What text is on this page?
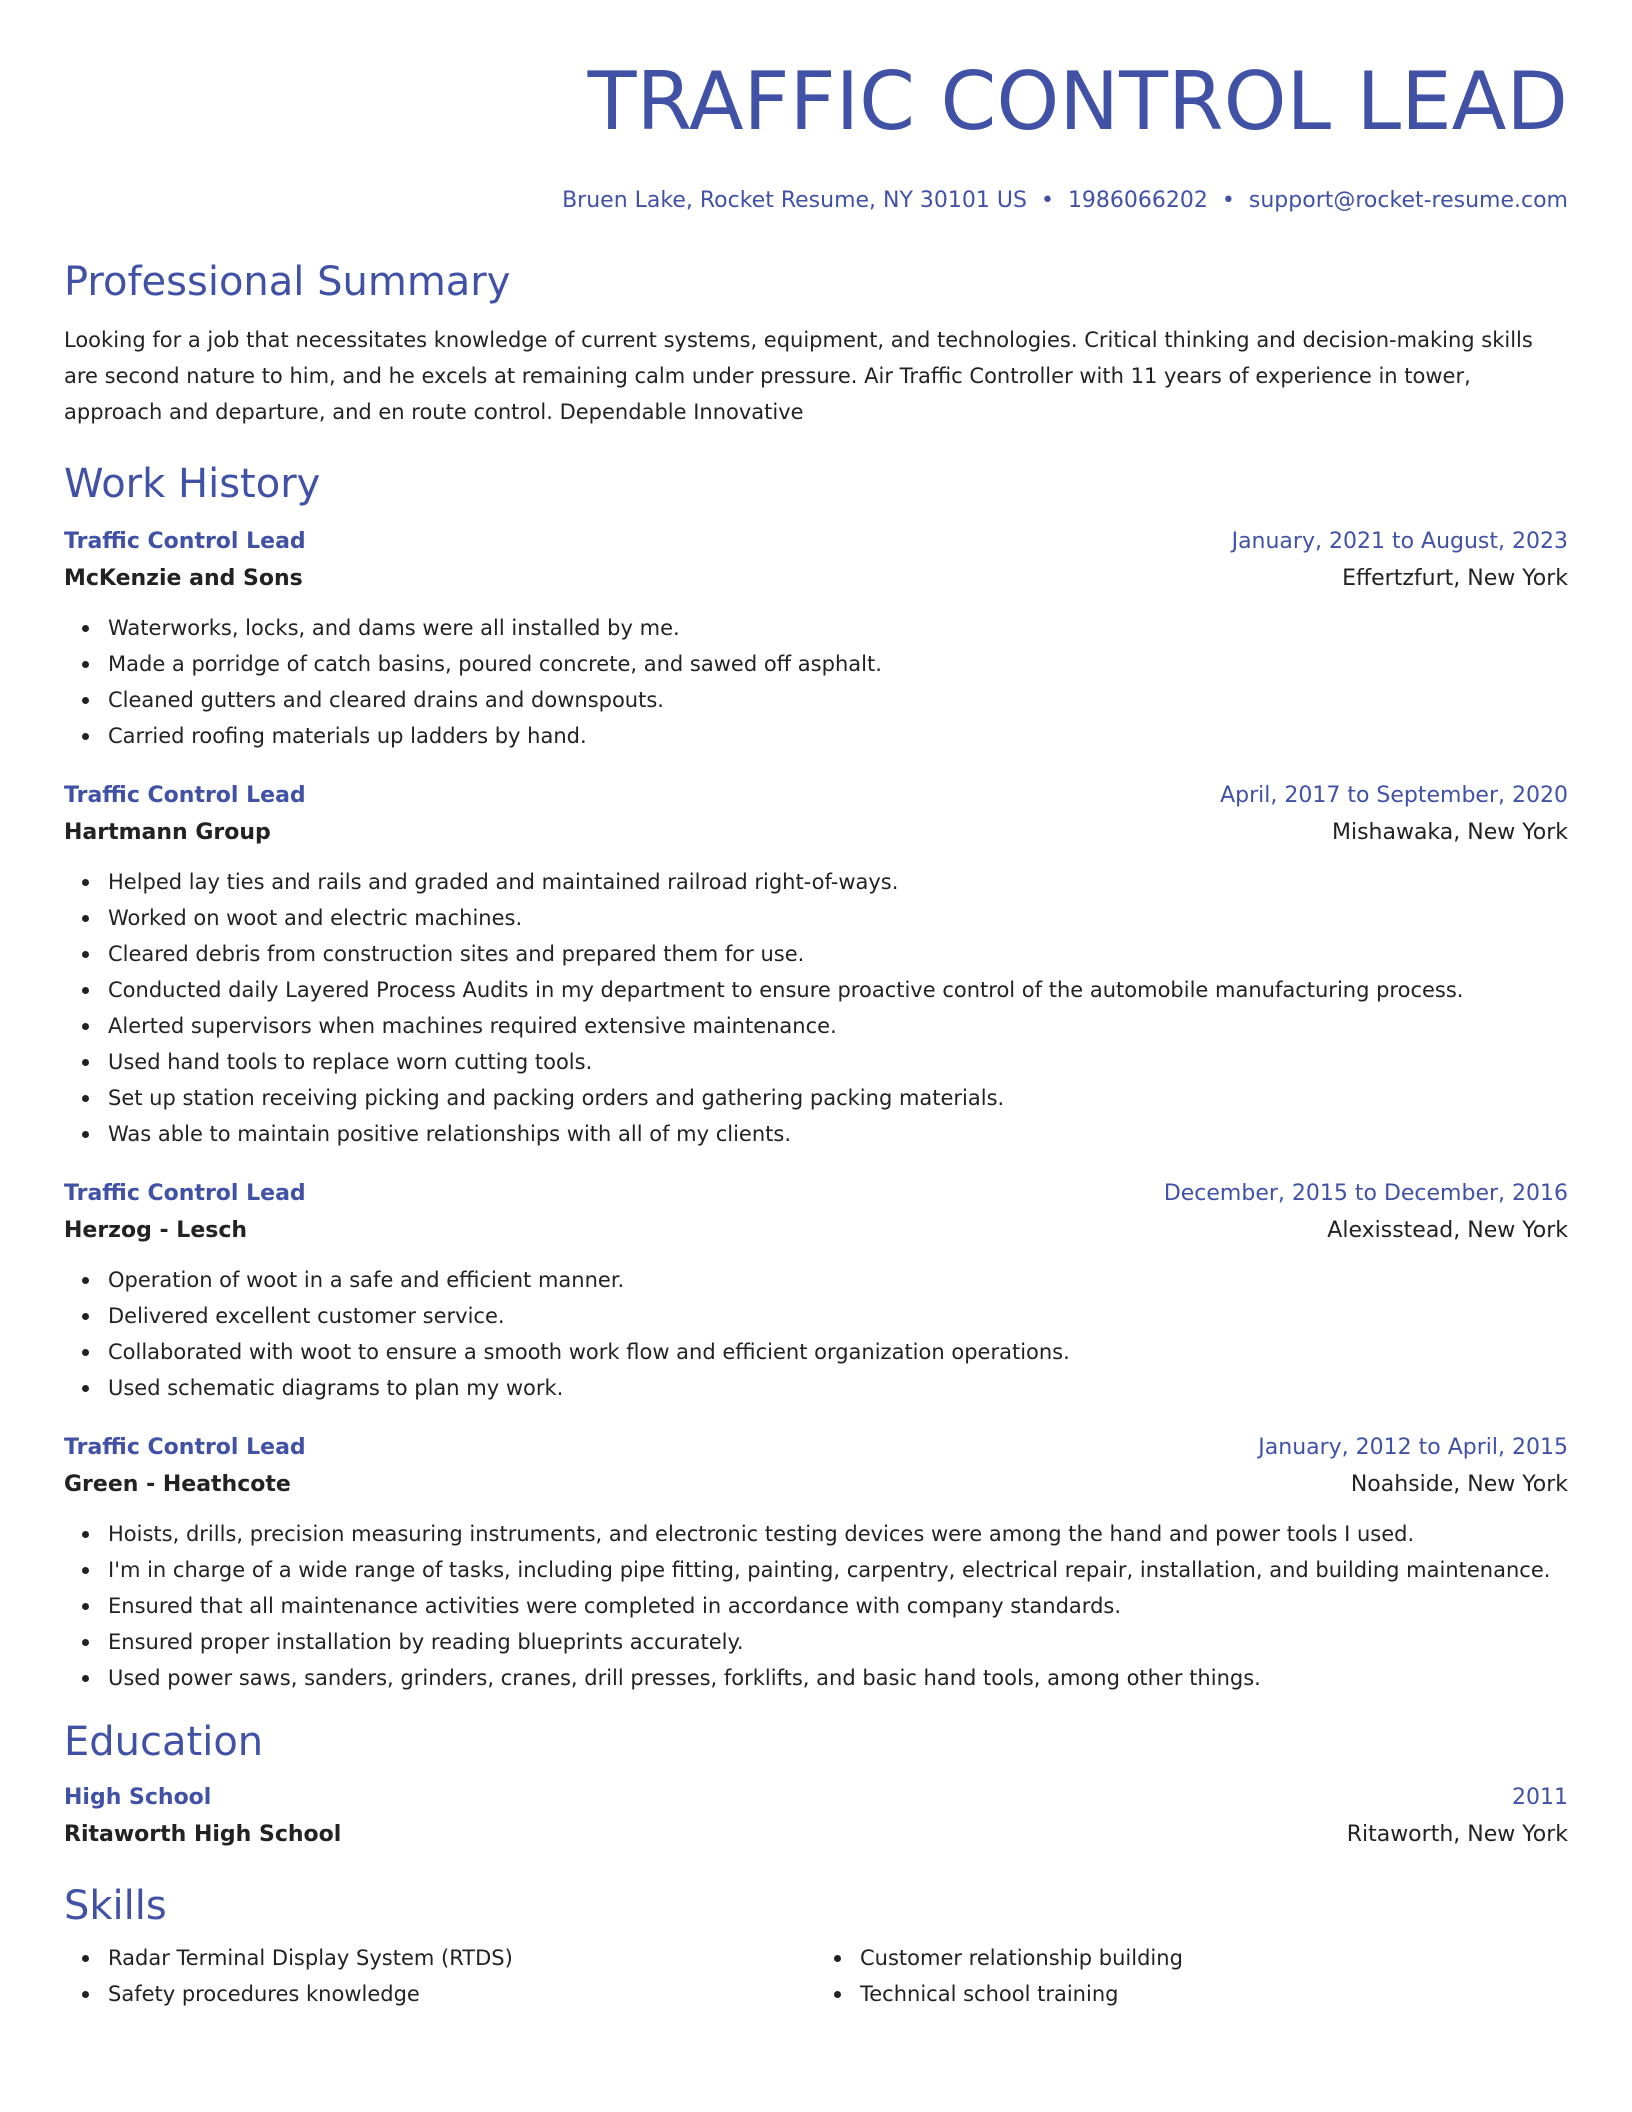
TRAFFIC CONTROL LEAD
Bruen Lake, Rocket Resume, NY 30101 US • 1986066202 • support@rocket-resume.com
Professional Summary
Looking for a job that necessitates knowledge of current systems, equipment, and technologies. Critical thinking and decision-making skills are second nature to him, and he excels at remaining calm under pressure. Air Traffic Controller with 11 years of experience in tower, approach and departure, and en route control. Dependable Innovative
Work History
Traffic Control Lead	January, 2021 to August, 2023
McKenzie and Sons	Effertzfurt, New York
Waterworks, locks, and dams were all installed by me.
Made a porridge of catch basins, poured concrete, and sawed off asphalt.
Cleaned gutters and cleared drains and downspouts.
Carried roofing materials up ladders by hand.
Traffic Control Lead	April, 2017 to September, 2020
Hartmann Group	Mishawaka, New York
Helped lay ties and rails and graded and maintained railroad right-of-ways.
Worked on woot and electric machines.
Cleared debris from construction sites and prepared them for use.
Conducted daily Layered Process Audits in my department to ensure proactive control of the automobile manufacturing process.
Alerted supervisors when machines required extensive maintenance.
Used hand tools to replace worn cutting tools.
Set up station receiving picking and packing orders and gathering packing materials.
Was able to maintain positive relationships with all of my clients.
Traffic Control Lead	December, 2015 to December, 2016
Herzog - Lesch	Alexisstead, New York
Operation of woot in a safe and efficient manner.
Delivered excellent customer service.
Collaborated with woot to ensure a smooth work flow and efficient organization operations.
Used schematic diagrams to plan my work.
Traffic Control Lead	January, 2012 to April, 2015
Green - Heathcote	Noahside, New York
Hoists, drills, precision measuring instruments, and electronic testing devices were among the hand and power tools I used.
I'm in charge of a wide range of tasks, including pipe fitting, painting, carpentry, electrical repair, installation, and building maintenance.
Ensured that all maintenance activities were completed in accordance with company standards.
Ensured proper installation by reading blueprints accurately.
Used power saws, sanders, grinders, cranes, drill presses, forklifts, and basic hand tools, among other things.
Education
High School	2011
Ritaworth High School	Ritaworth, New York
Skills
Radar Terminal Display System (RTDS)
Safety procedures knowledge
Customer relationship building
Technical school training
